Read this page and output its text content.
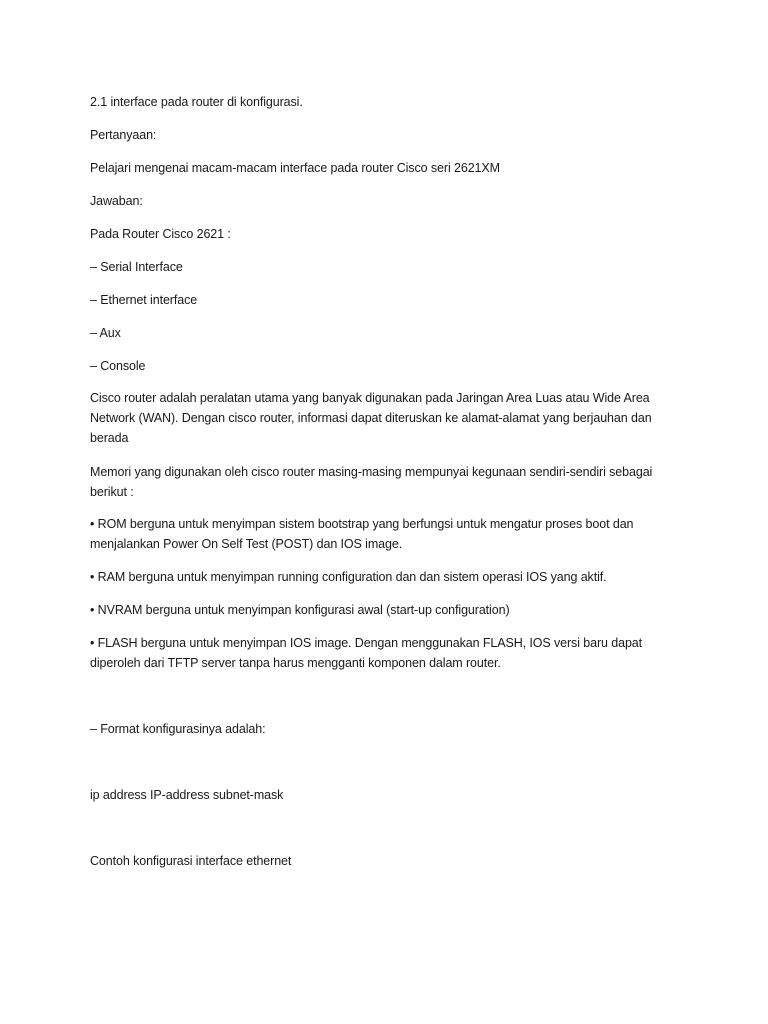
2.1 interface pada router di konfigurasi.

Pertanyaan:

Pelajari mengenai macam-macam interface pada router Cisco seri 2621XM

Jawaban:

Pada Router Cisco 2621 :

– Serial Interface

– Ethernet interface

– Aux

– Console

Cisco router adalah peralatan utama yang banyak digunakan pada Jaringan Area Luas atau Wide Area Network (WAN). Dengan cisco router, informasi dapat diteruskan ke alamat-alamat yang berjauhan dan berada

Memori yang digunakan oleh cisco router masing-masing mempunyai kegunaan sendiri-sendiri sebagai berikut :

• ROM berguna untuk menyimpan sistem bootstrap yang berfungsi untuk mengatur proses boot dan menjalankan Power On Self Test (POST) dan IOS image.

• RAM berguna untuk menyimpan running configuration dan dan sistem operasi IOS yang aktif.

• NVRAM berguna untuk menyimpan konfigurasi awal (start-up configuration)

• FLASH berguna untuk menyimpan IOS image. Dengan menggunakan FLASH, IOS versi baru dapat diperoleh dari TFTP server tanpa harus mengganti komponen dalam router.

– Format konfigurasinya adalah:

ip address IP-address subnet-mask

Contoh konfigurasi interface ethernet
